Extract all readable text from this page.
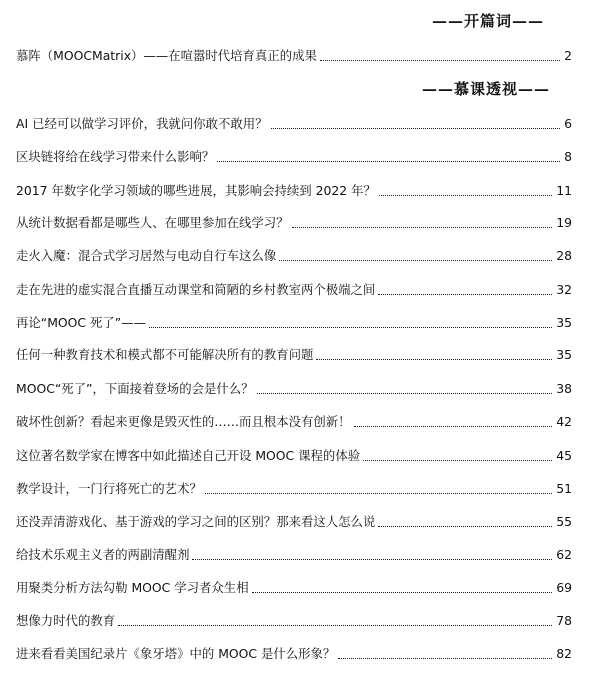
——开篇词——
慕阵（MOOCMatrix）——在喧嚣时代培育真正的成果	2
——慕课透视——
AI 已经可以做学习评价，我就问你敢不敢用？	6
区块链将给在线学习带来什么影响？	8
2017 年数字化学习领域的哪些进展，其影响会持续到 2022 年？	11
从统计数据看都是哪些人、在哪里参加在线学习？	19
走火入魔：混合式学习居然与电动自行车这么像	28
走在先进的虚实混合直播互动课堂和简陋的乡村教室两个极端之间	32
再论“MOOC 死了”——	35
任何一种教育技术和模式都不可能解决所有的教育问题	35
MOOC“死了”，下面接着登场的会是什么？	38
破坏性创新？看起来更像是毁灭性的……而且根本没有创新！	42
这位著名数学家在博客中如此描述自己开设 MOOC 课程的体验	45
教学设计，一门行将死亡的艺术？	51
还没弄清游戏化、基于游戏的学习之间的区别？那来看这人怎么说	55
给技术乐观主义者的两副清醒剂	62
用聚类分析方法勾勒 MOOC 学习者众生相	69
想像力时代的教育	78
进来看看美国纪录片《象牙塔》中的 MOOC 是什么形象？	82
